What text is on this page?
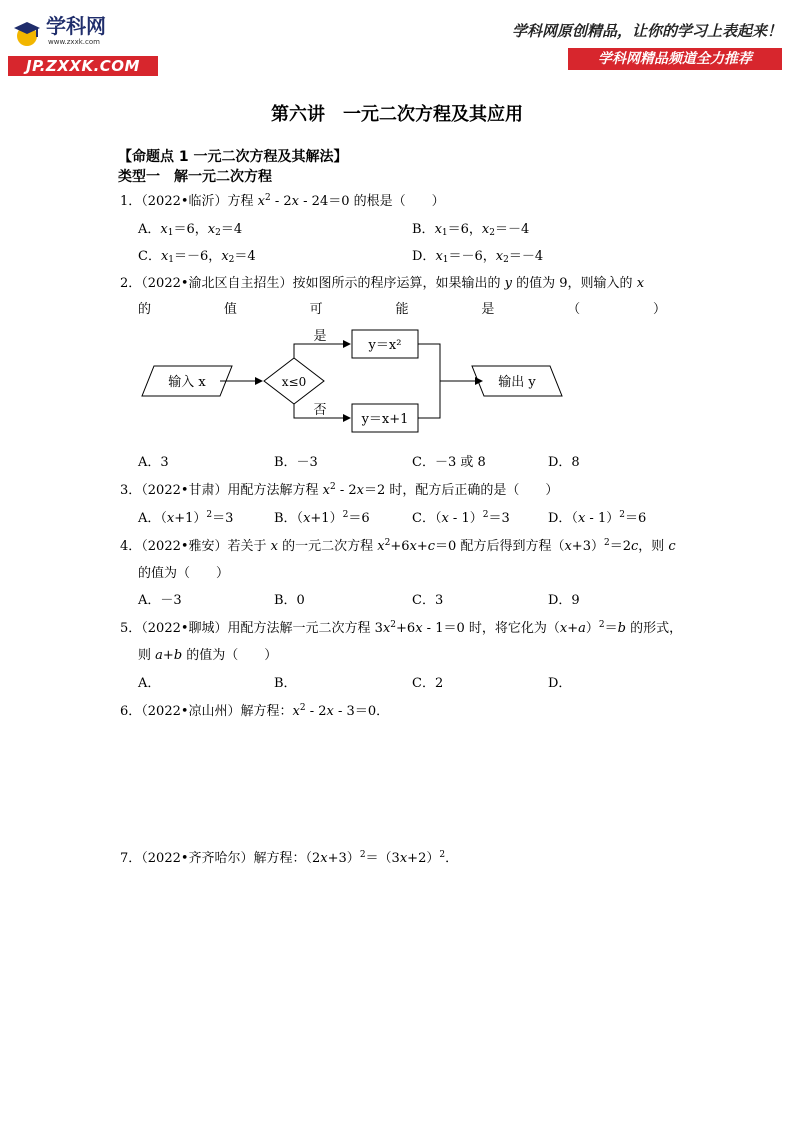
学科网
www.zxxk.com
JP.ZXXK.COM
学科网原创精品，让你的学习上表起来！
学科网精品频道全力推荐
第六讲　一元二次方程及其应用
【命题点 1 一元二次方程及其解法】
类型一　解一元二次方程
1．（2022•临沂）方程 $x^2 - 2x - 24=0$ 的根是（　　）
A．$x_1=6$，$x_2=4$	B．$x_1=6$，$x_2=-4$
C．$x_1=-6$，$x_2=4$	D．$x_1=-6$，$x_2=-4$
2．（2022•渝北区自主招生）按如图所示的程序运算，如果输出的 y 的值为 9，则输入的 x
的	值	可	能	是	（	）
输入 x	x≤0
是
否
y＝x²
y＝x+1
输出 y
A．3	B．－3	C．－3 或 8	D．8
3．（2022•甘肃）用配方法解方程 $x^2 - 2x=2$ 时，配方后正确的是（　　）
A．$(x+1)^2=3$	B．$(x+1)^2=6$	C．（x - 1）$^2$＝3	D．（x - 1）$^2$＝6
4．（2022•雅安）若关于 x 的一元二次方程 $x^2+6x+c=0$ 配方后得到方程$(x+3)^2=2c$，则 c
的值为（　　）
A．－3	B．0	C．3	D．9
5．（2022•聊城）用配方法解一元二次方程 $3x^2+6x - 1=0$ 时，将它化为$(x+a)^2=b$ 的形式，
则 a+b 的值为（　　）
A．	B．	C．2	D．
6．（2022•凉山州）解方程：$x^2 - 2x - 3=0$．
7．（2022•齐齐哈尔）解方程：$(2x+3)^2=(3x+2)^2$．
